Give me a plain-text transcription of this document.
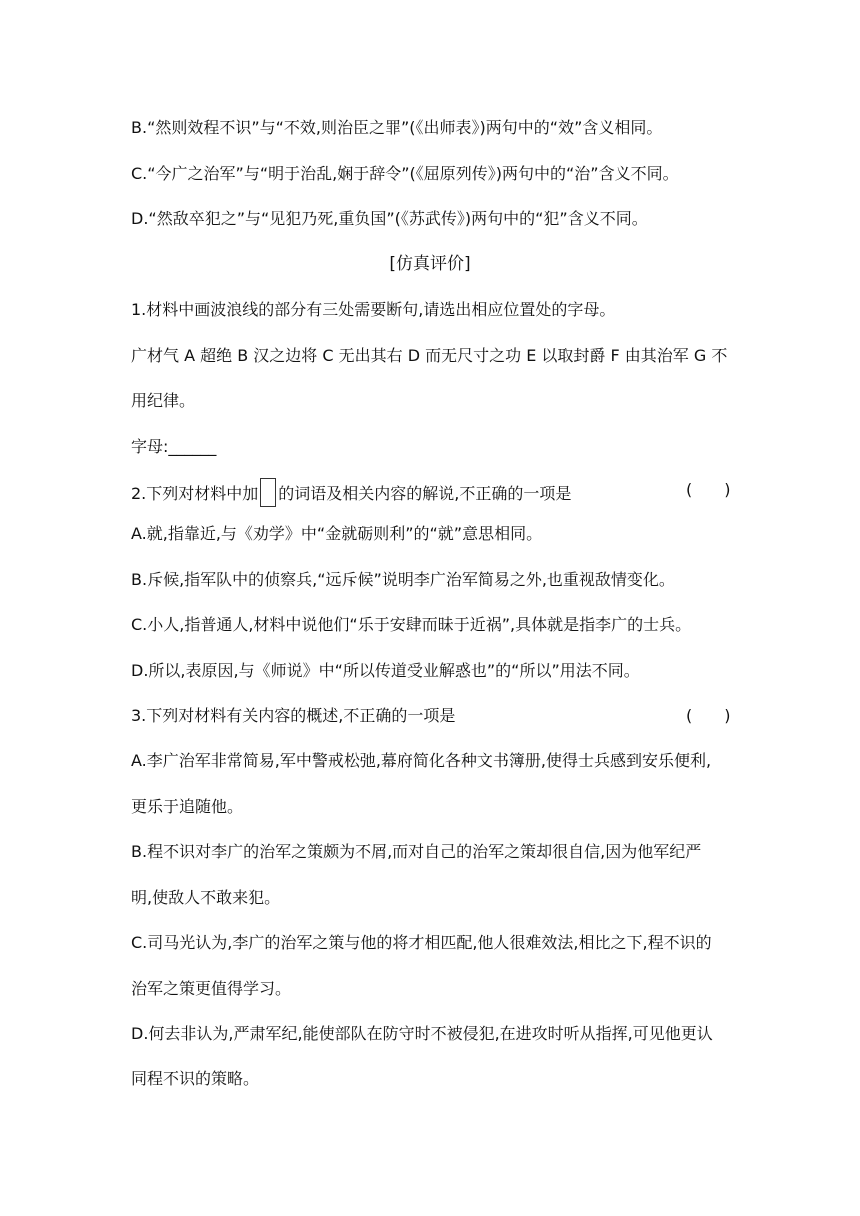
B.“然则效程不识”与“不效,则治臣之罪”(《出师表》)两句中的“效”含义相同。
C.“今广之治军”与“明于治乱,娴于辞令”(《屈原列传》)两句中的“治”含义不同。
D.“然敌卒犯之”与“见犯乃死,重负国”(《苏武传》)两句中的“犯”含义不同。
[仿真评价]
1.材料中画波浪线的部分有三处需要断句,请选出相应位置处的字母。
广材气 A 超绝 B 汉之边将 C 无出其右 D 而无尺寸之功 E 以取封爵 F 由其治军 G 不
用纪律。
字母:______
2.下列对材料中加 的词语及相关内容的解说,不正确的一项是	(　　)
A.就,指靠近,与《劝学》中“金就砺则利”的“就”意思相同。
B.斥候,指军队中的侦察兵,“远斥候”说明李广治军简易之外,也重视敌情变化。
C.小人,指普通人,材料中说他们“乐于安肆而昧于近祸”,具体就是指李广的士兵。
D.所以,表原因,与《师说》中“所以传道受业解惑也”的“所以”用法不同。
3.下列对材料有关内容的概述,不正确的一项是	(　　)
A.李广治军非常简易,军中警戒松弛,幕府简化各种文书簿册,使得士兵感到安乐便利,
更乐于追随他。
B.程不识对李广的治军之策颇为不屑,而对自己的治军之策却很自信,因为他军纪严
明,使敌人不敢来犯。
C.司马光认为,李广的治军之策与他的将才相匹配,他人很难效法,相比之下,程不识的
治军之策更值得学习。
D.何去非认为,严肃军纪,能使部队在防守时不被侵犯,在进攻时听从指挥,可见他更认
同程不识的策略。
